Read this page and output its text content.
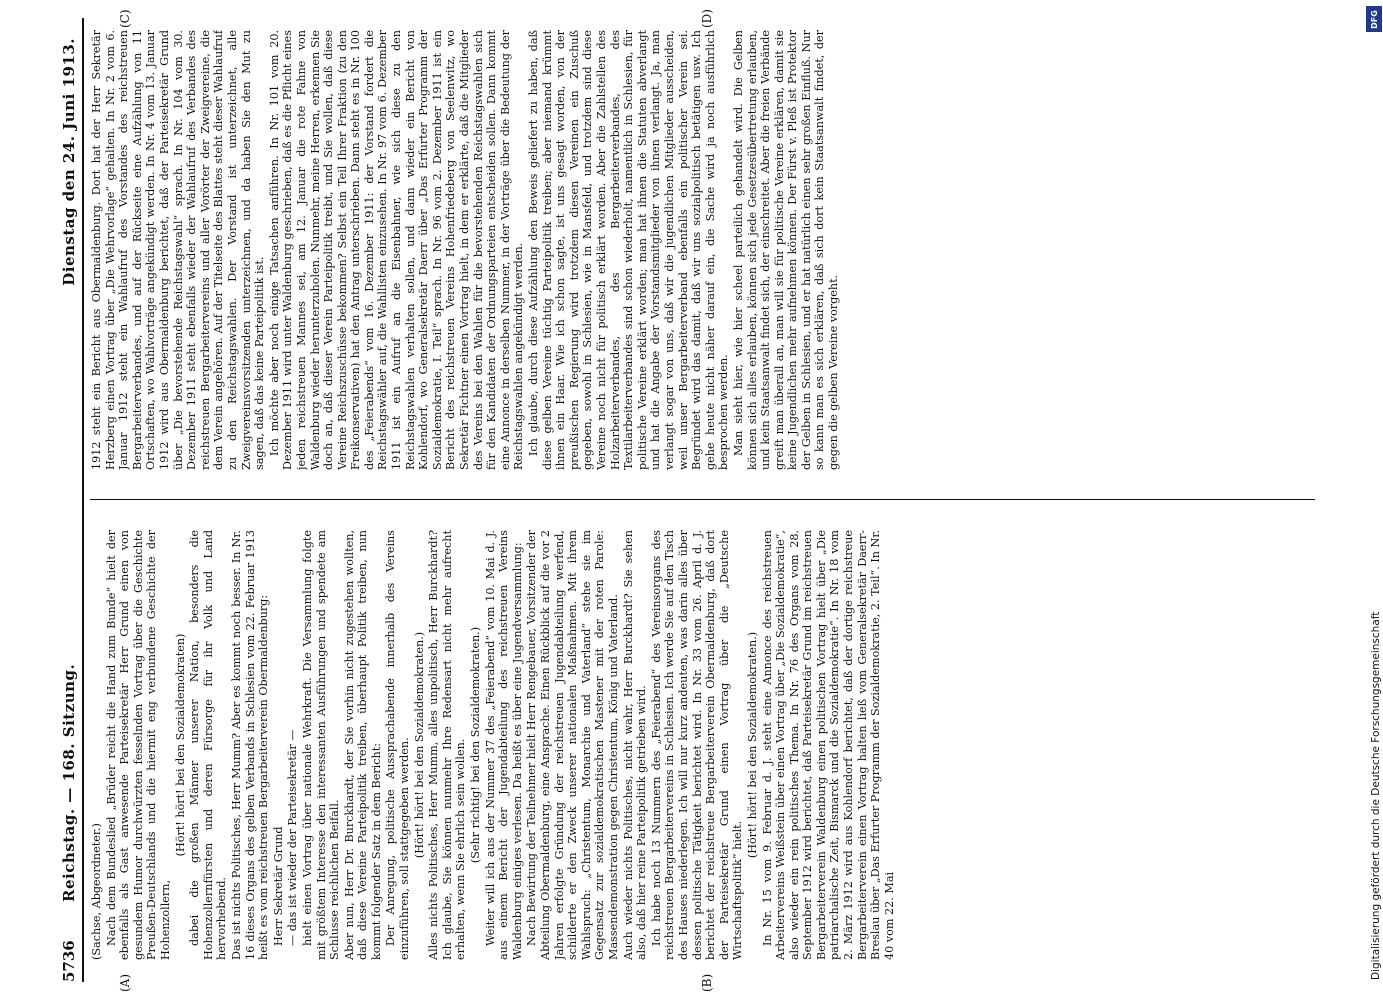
5736
Reichstag. — 168. Sitzung.
Dienstag den 24. Juni 1913.
(A)	(B)
(C)	(D)

(Sachse, Abgeordneter.) Nach dem Bundeslied „Brüder reicht die Hand zum Bunde“ hielt der ebenfalls als Gast anwesende Parteisekretär Herr Grund einen von gesundem Humor durchwürzten fesselnden Vortrag über die Geschichte Preußen-Deutschlands und die hiermit eng verbundene Geschichte der Hohenzollern,

(Hört! hört! bei den Sozialdemokraten) dabei die großen Männer unserer Nation, besonders die Hohenzollernfürsten und deren Fürsorge für ihr Volk und Land hervorhebend. Das ist nichts Politisches, Herr Mumm? Aber es kommt noch besser. In Nr. 16 dieses Organs des gelben Verbands in Schlesien vom 22. Februar 1913 heißt es vom reichstreuen Bergarbeiterverein Obermaldenburg: Herr Sekretär Grund — das ist wieder der Parteisekretär — hielt einen Vortrag über nationale Wehrkraft. Die Versammlung folgte mit größtem Interesse den interessanten Ausführungen und spendete am Schlusse reichlichen Beifall. Aber nun, Herr Dr. Burckhardt, der Sie vorhin nicht zugestehen wollten, daß diese Vereine Parteipolitik treiben, überhaupt Politik treiben, nun kommt folgender Satz in dem Bericht: Der Anregung, politische Aussprachabende innerhalb des Vereins einzuführen, soll stattgegeben werden. (Hört! hört! bei den Sozialdemokraten.) Alles nichts Politisches, Herr Mumm, alles unpolitisch, Herr Burckhardt? Ich glaube, Sie können nunmehr Ihre Redensart nicht mehr aufrecht erhalten, wenn Sie ehrlich sein wollen. (Sehr richtig! bei den Sozialdemokraten.) Weiter will ich aus der Nummer 37 des „Feierabend“ vom 10. Mai d. J. aus einem Bericht der Jugendabteilung des reichstreuen Vereins Waldenburg einiges verlesen. Da heißt es über eine Jugendversammlung: Nach Bewirtung der Teilnehmer hielt Herr Rengebauer, Vorsitzender der Abteilung Obermaldenburg, eine Ansprache. Einen Rückblick auf die vor 2 Jahren erfolgte Gründung der reichstreuen Jugendabteilung werfend, schilderte er den Zweck unserer nationalen Maßnahmen. Mit ihrem Wahlspruch: „Christentum, Monarchie und Vaterland“ stehe sie im Gegensatz zur sozialdemokratischen Mastener mit der roten Parole: Massendemonstration gegen Christentum, König und Vaterland. Auch wieder nichts Politisches, nicht wahr, Herr Burckhardt? Sie sehen also, daß hier reine Parteipolitik getrieben wird. Ich habe noch 13 Nummern des „Feierabend“ des Vereinsorgans des reichstreuen Bergarbeitervereins in Schlesien. Ich werde Sie auf den Tisch des Hauses niederlegen. Ich will nur kurz andeuten, was darin alles über dessen politische Tätigkeit berichtet wird. In Nr. 33 vom 26. April d. J. berichtet der reichstreue Bergarbeiterverein Obermaldenburg, daß dort der Parteisekretär Grund einen Vortrag über die „Deutsche Wirtschaftspolitik“ hielt.

(Hört! hört! bei den Sozialdemokraten.) In Nr. 15 vom 9. Februar d. J. steht eine Annonce des reichstreuen Arbeitervereins Weißstein über einen Vortrag über „Die Sozialdemokratie“, also wieder ein rein politisches Thema. In Nr. 76 des Organs vom 28. September 1912 wird berichtet, daß Parteisekretär Grund im reichstreuen Bergarbeiterverein Waldenburg einen politischen Vortrag hielt über „Die patriarchalische Zeit, Bismarck und die Sozialdemokratie“. In Nr. 18 vom 2. März 1912 wird aus Kohlendorf berichtet, daß der dortige reichstreue Bergarbeiterverein einen Vortrag halten ließ vom Generalsekretär Daerr-Breslau über „Das Erfurter Programm der Sozialdemokratie, 2. Teil“. In Nr. 40 vom 22. Mai

1912 steht ein Bericht aus Obermaldenburg. Dort hat der Herr Sekretär Herzberg einen Vortrag über „Die Wehrvorlage“ gehalten. In Nr. 2 vom 6. Januar 1912 steht ein Wahlaufruf des Vorstandes des reichstreuen Bergarbeiterverbandes, und auf der Rückseite eine Aufzählung von 11 Ortschaften, wo Wahlvorträge angekündigt werden. In Nr. 4 vom 13. Januar 1912 wird aus Obermaldenburg berichtet, daß der Parteisekretär Grund über „Die bevorstehende Reichstagswahl“ sprach. In Nr. 104 vom 30. Dezember 1911 steht ebenfalls wieder der Wahlaufruf des Verbandes des reichstreuen Bergarbeitervereins und aller Vorörter der Zweigvereine, die dem Verein angehören. Auf der Titelseite des Blattes steht dieser Wahlaufruf zu den Reichstagswahlen. Der Vorstand ist unterzeichnet, alle Zweigvereinsvorsitzenden unterzeichnen, und da haben Sie den Mut zu sagen, daß das keine Parteipolitik ist. Ich möchte aber noch einige Tatsachen anführen. In Nr. 101 vom 20. Dezember 1911 wird unter Waldenburg geschrieben, daß es die Pflicht eines jeden reichstreuen Mannes sei, am 12. Januar die rote Fahne von Waldenburg wieder herunterzuholen. Nunmehr, meine Herren, erkennen Sie doch an, daß dieser Verein Parteipolitik treibt, und Sie wollen, daß diese Vereine Reichszuschüsse bekommen? Selbst ein Teil Ihrer Fraktion (zu den Freikonservativen) hat den Antrag unterschrieben. Dann steht es in Nr. 100 des „Feierabends“ vom 16. Dezember 1911: der Vorstand fordert die Reichstagswähler auf, die Wahllisten einzusehen. In Nr. 97 vom 6. Dezember 1911 ist ein Aufruf an die Eisenbahner, wie sich diese zu den Reichstagswahlen verhalten sollen, und dann wieder ein Bericht von Kohlendorf, wo Generalsekretär Daerr über „Das Erfurter Programm der Sozialdemokratie, I. Teil“ sprach. In Nr. 96 vom 2. Dezember 1911 ist ein Bericht des reichstreuen Vereins Hohenfriedeberg von Seelenwitz, wo Sekretär Fichtner einen Vortrag hielt, in dem er erklärte, daß die Mitglieder des Vereins bei den Wahlen für die bevorstehenden Reichstagswahlen sich für den Kandidaten der Ordnungsparteien entscheiden sollen. Dann kommt eine Annonce in derselben Nummer, in der Vorträge über die Bedeutung der Reichstagswahlen angekündigt werden. Ich glaube, durch diese Aufzählung den Beweis geliefert zu haben, daß diese gelben Vereine tüchtig Parteipolitik treiben; aber niemand krümmt ihnen ein Haar. Wie ich schon sagte, ist uns gesagt worden, von der preußischen Regierung wird trotzdem diesen Vereinen ein Zuschuß gegeben, sowohl in Schlesien, wie in Mansfeld, und trotzdem sind diese Vereine noch nicht für politisch erklärt worden. Aber die Zahlstellen des Holzarbeiterverbandes, des Bergarbeiterverbandes, des Textilarbeiterverbandes sind schon wiederholt, namentlich in Schlesien, für politische Vereine erklärt worden; man hat ihnen die Statuten abverlangt und hat die Angabe der Vorstandsmitglieder von ihnen verlangt. Ja, man verlangt sogar von uns, daß wir die jugendlichen Mitglieder ausscheiden, weil unser Bergarbeiterverband ebenfalls ein politischer Verein sei. Begründet wird das damit, daß wir uns sozialpolitisch betätigen usw. Ich gehe heute nicht näher darauf ein, die Sache wird ja noch ausführlich besprochen werden. Man sieht hier, wie hier scheel parteilich gehandelt wird. Die Gelben können sich alles erlauben, können sich jede Gesetzesübertretung erlauben, und kein Staatsanwalt findet sich, der einschreitet. Aber die freien Verbände greift man überall an, man will sie für politische Vereine erklären, damit sie keine Jugendlichen mehr aufnehmen können. Der Fürst v. Pleß ist Protektor der Gelben in Schlesien, und er hat natürlich einen sehr großen Einfluß. Nur so kann man es sich erklären, daß sich dort kein Staatsanwalt findet, der gegen die gelben Vereine vorgeht.

Digitalisierung gefördert durch die Deutsche Forschungsgemeinschaft
DFG
